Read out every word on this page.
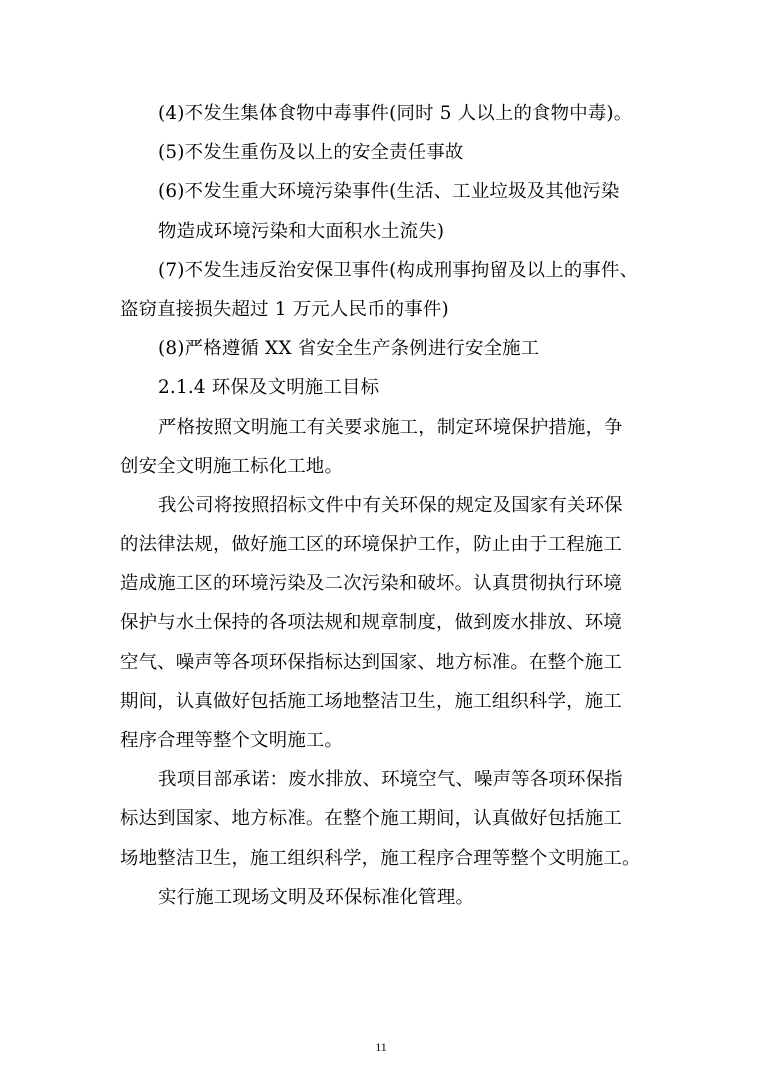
(4)不发生集体食物中毒事件(同时 5 人以上的食物中毒)。
(5)不发生重伤及以上的安全责任事故
(6)不发生重大环境污染事件(生活、工业垃圾及其他污染
物造成环境污染和大面积水土流失)
(7)不发生违反治安保卫事件(构成刑事拘留及以上的事件、
盗窃直接损失超过 1 万元人民币的事件)
(8)严格遵循 XX 省安全生产条例进行安全施工
2.1.4 环保及文明施工目标
严格按照文明施工有关要求施工，制定环境保护措施，争
创安全文明施工标化工地。
我公司将按照招标文件中有关环保的规定及国家有关环保
的法律法规，做好施工区的环境保护工作，防止由于工程施工
造成施工区的环境污染及二次污染和破坏。认真贯彻执行环境
保护与水土保持的各项法规和规章制度，做到废水排放、环境
空气、噪声等各项环保指标达到国家、地方标准。在整个施工
期间，认真做好包括施工场地整洁卫生，施工组织科学，施工
程序合理等整个文明施工。
我项目部承诺：废水排放、环境空气、噪声等各项环保指
标达到国家、地方标准。在整个施工期间，认真做好包括施工
场地整洁卫生，施工组织科学，施工程序合理等整个文明施工。
实行施工现场文明及环保标准化管理。
11
